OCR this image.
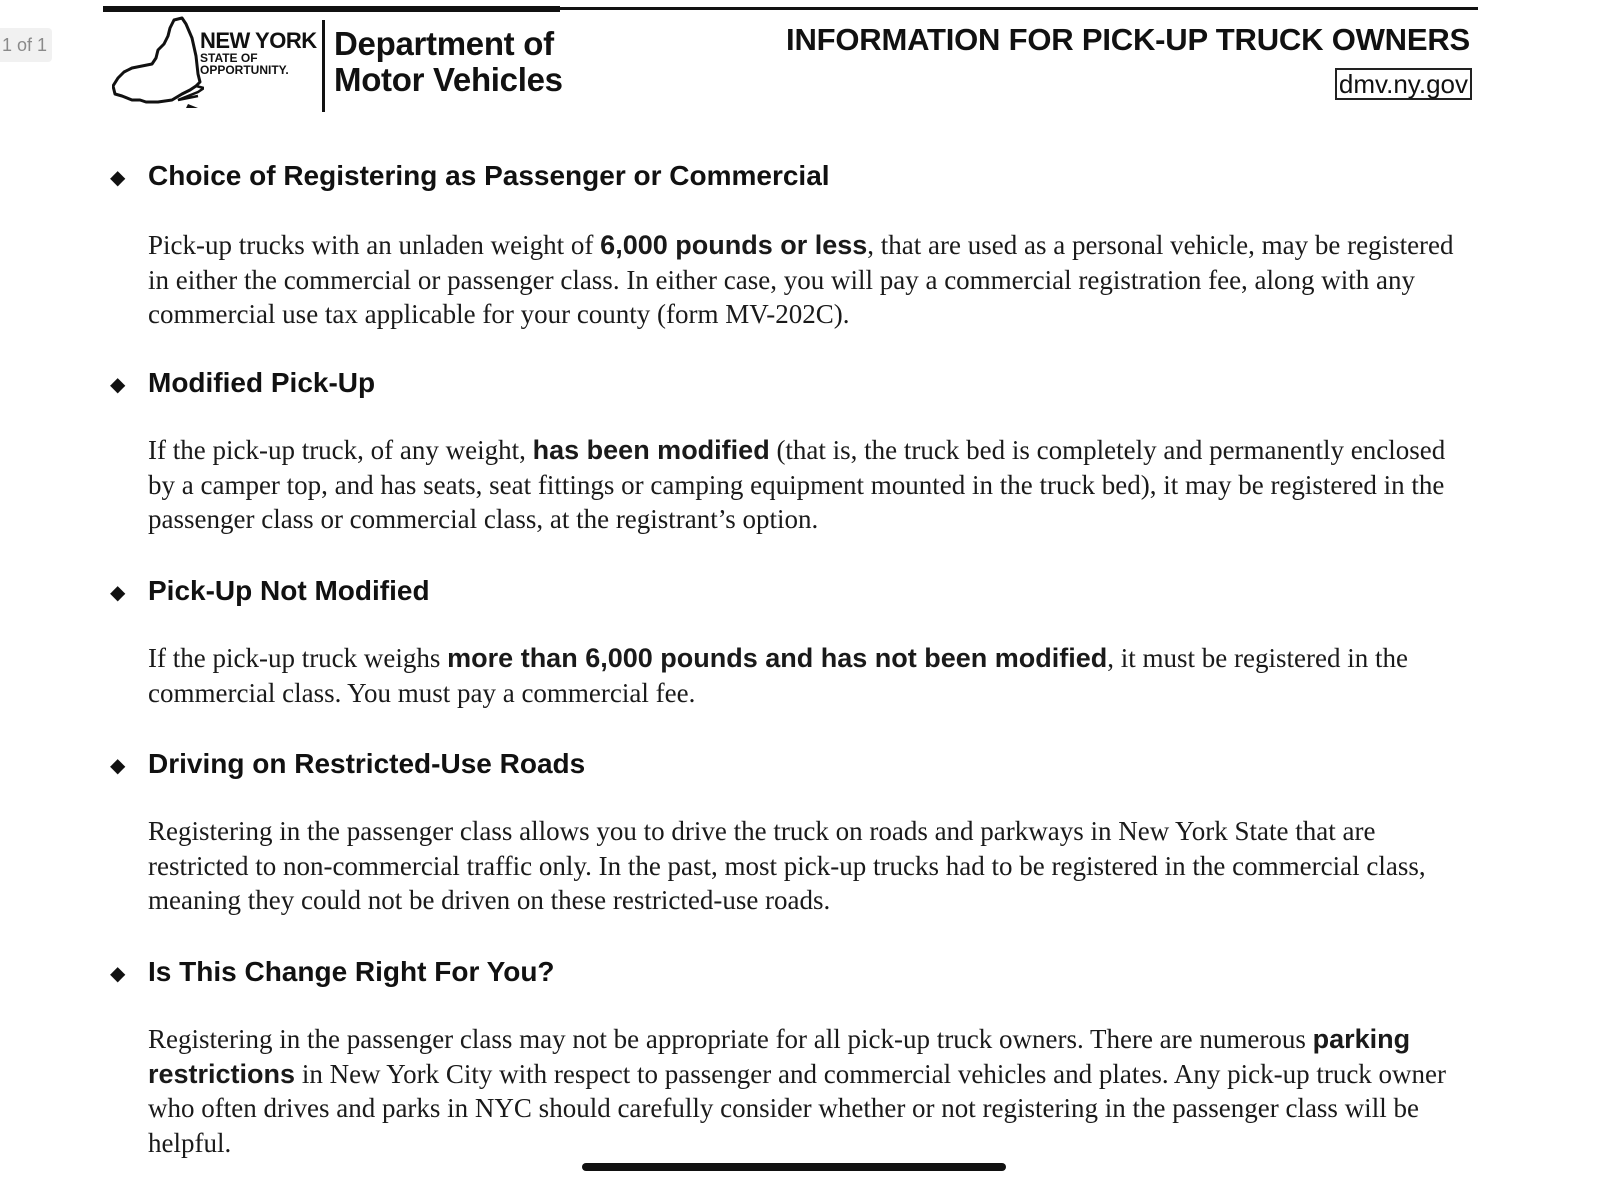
1 of 1	NEW YORK
STATE OF
OPPORTUNITY.
Department of
Motor Vehicles
INFORMATION FOR PICK-UP TRUCK OWNERS
dmv.ny.gov
◆ Choice of Registering as Passenger or Commercial
Pick-up trucks with an unladen weight of 6,000 pounds or less, that are used as a personal vehicle, may be registered in either the commercial or passenger class. In either case, you will pay a commercial registration fee, along with any commercial use tax applicable for your county (form MV-202C).
◆ Modified Pick-Up
If the pick-up truck, of any weight, has been modified (that is, the truck bed is completely and permanently enclosed by a camper top, and has seats, seat fittings or camping equipment mounted in the truck bed), it may be registered in the passenger class or commercial class, at the registrant’s option.
◆ Pick-Up Not Modified
If the pick-up truck weighs more than 6,000 pounds and has not been modified, it must be registered in the commercial class. You must pay a commercial fee.
◆ Driving on Restricted-Use Roads
Registering in the passenger class allows you to drive the truck on roads and parkways in New York State that are restricted to non-commercial traffic only. In the past, most pick-up trucks had to be registered in the commercial class, meaning they could not be driven on these restricted-use roads.
◆ Is This Change Right For You?
Registering in the passenger class may not be appropriate for all pick-up truck owners. There are numerous parking restrictions in New York City with respect to passenger and commercial vehicles and plates. Any pick-up truck owner who often drives and parks in NYC should carefully consider whether or not registering in the passenger class will be helpful.
